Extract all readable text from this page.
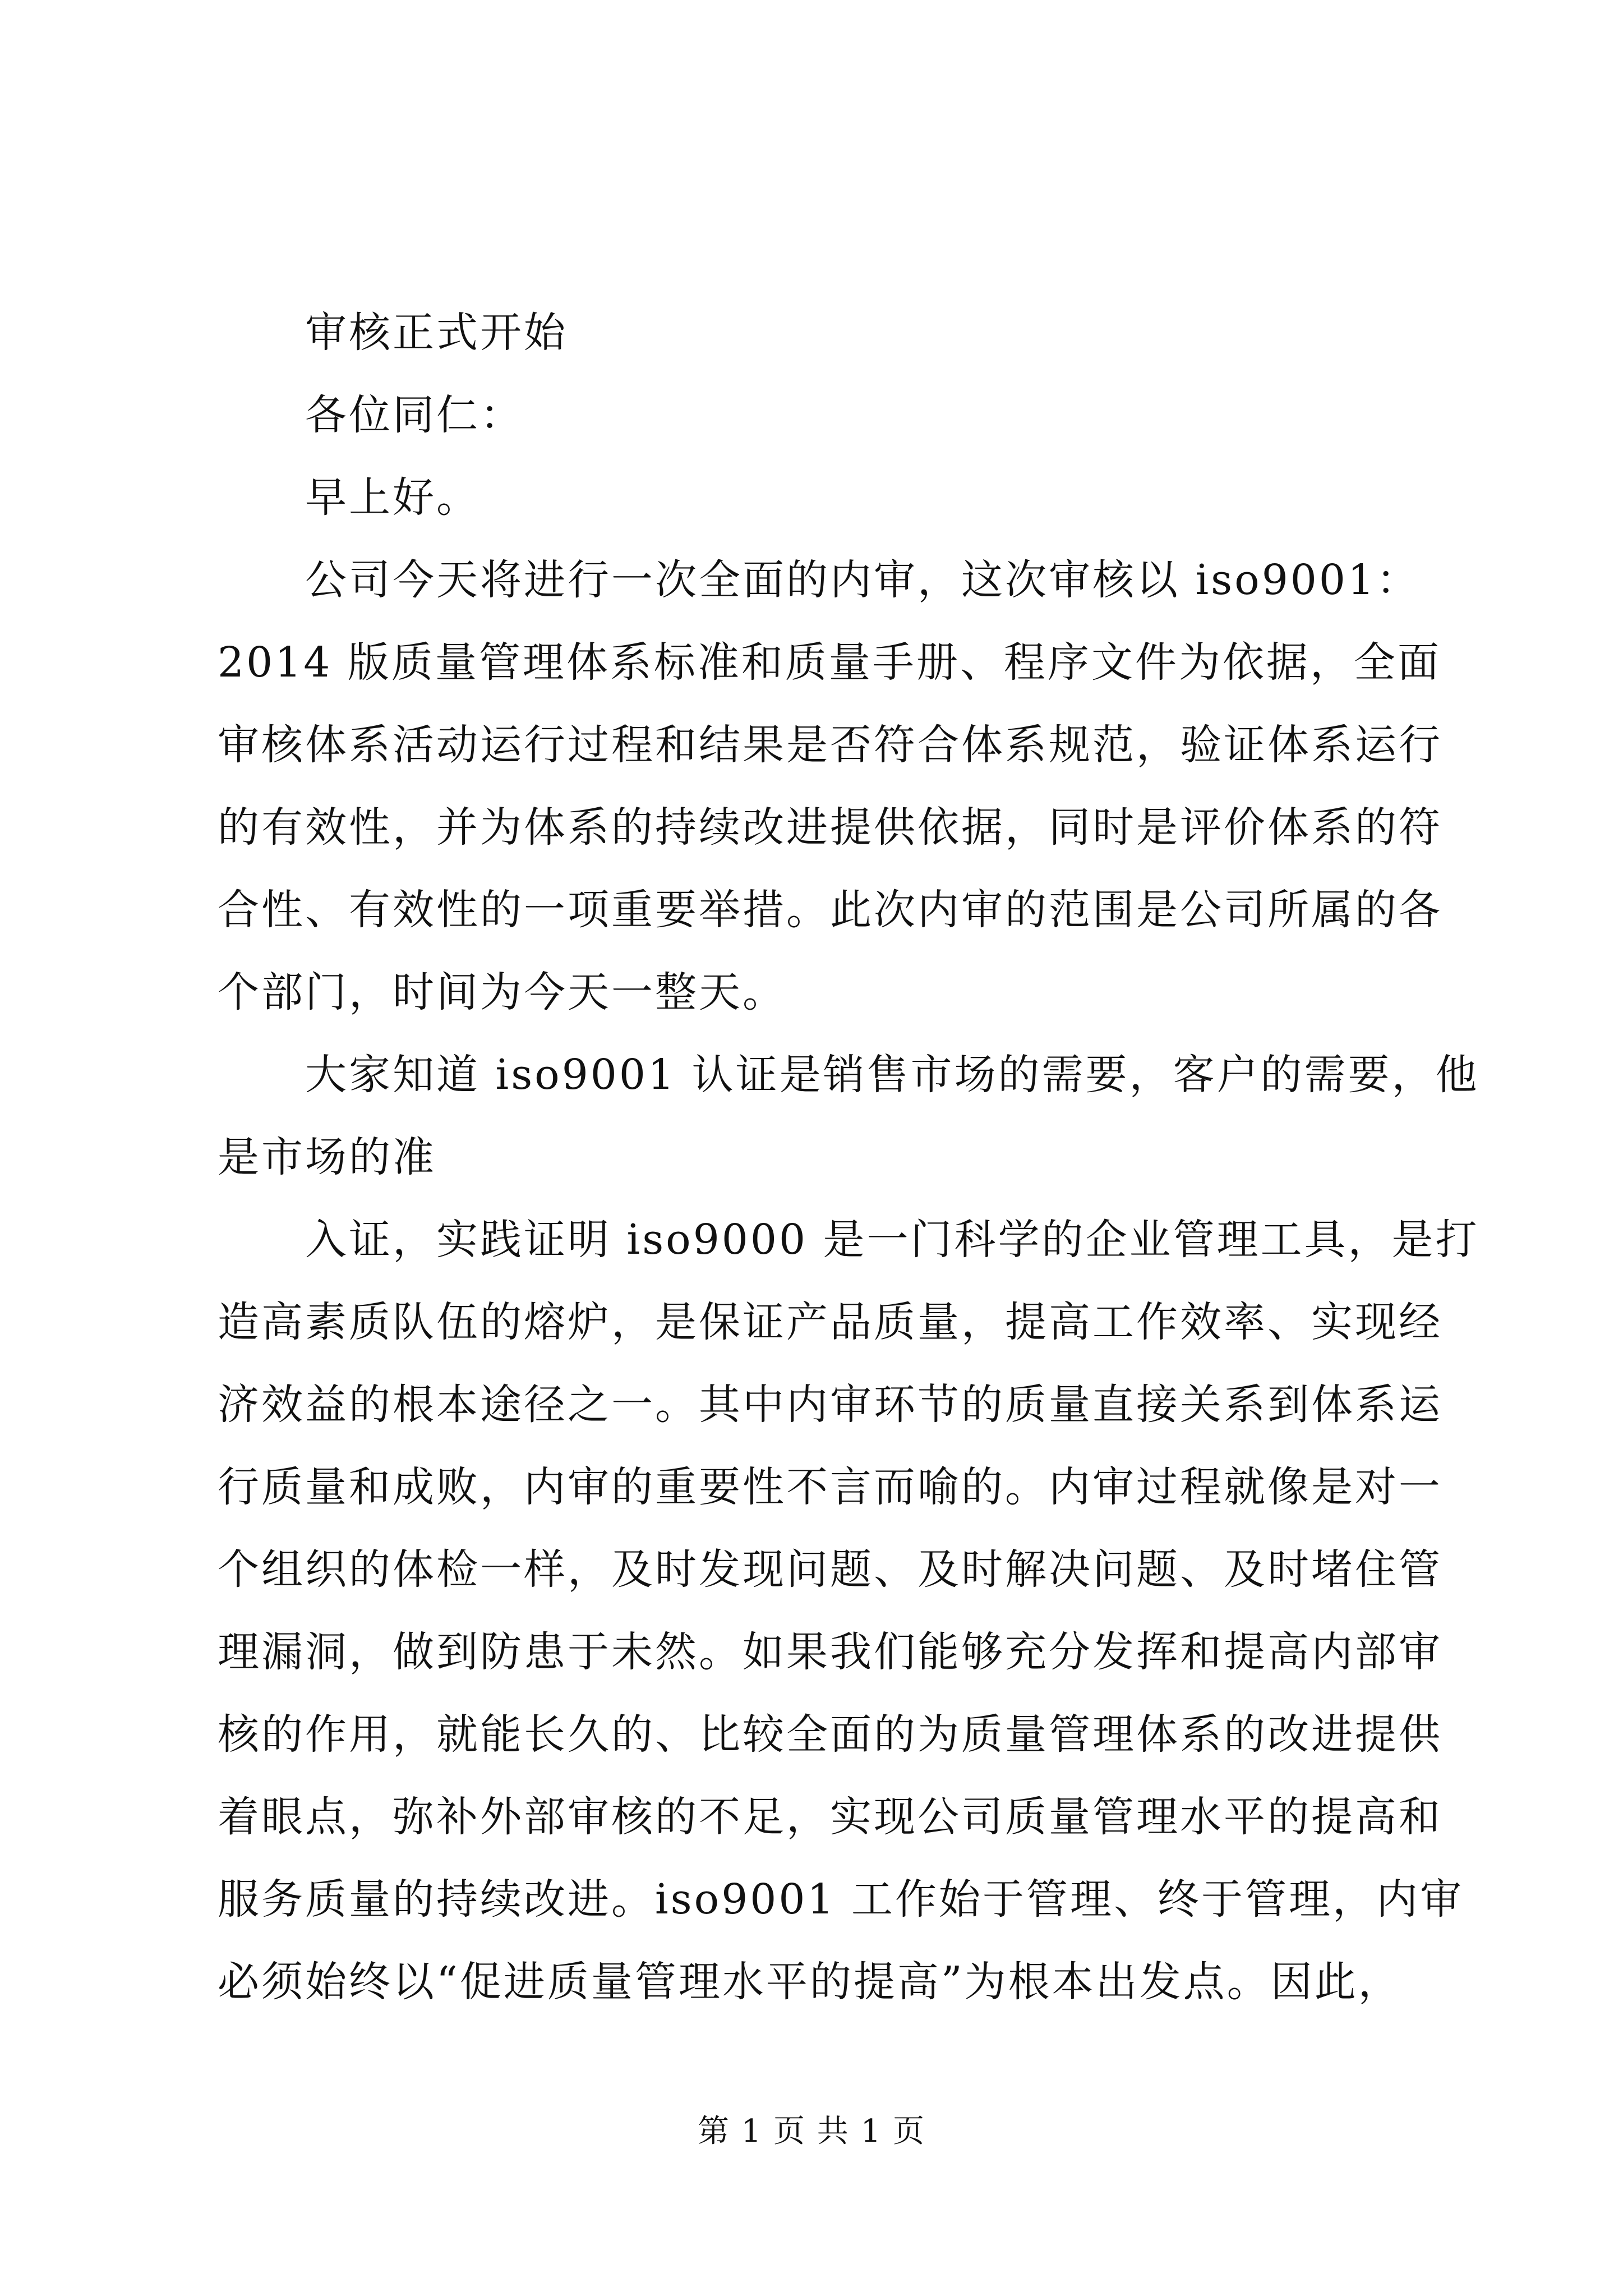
　　审核正式开始

　　各位同仁：

　　早上好。

　　公司今天将进行一次全面的内审，这次审核以 iso9001：

2014 版质量管理体系标准和质量手册、程序文件为依据，全面

审核体系活动运行过程和结果是否符合体系规范，验证体系运行

的有效性，并为体系的持续改进提供依据，同时是评价体系的符

合性、有效性的一项重要举措。此次内审的范围是公司所属的各

个部门，时间为今天一整天。

　　大家知道 iso9001 认证是销售市场的需要，客户的需要，他

是市场的准

　　入证，实践证明 iso9000 是一门科学的企业管理工具，是打

造高素质队伍的熔炉，是保证产品质量，提高工作效率、实现经

济效益的根本途径之一。其中内审环节的质量直接关系到体系运

行质量和成败，内审的重要性不言而喻的。内审过程就像是对一

个组织的体检一样，及时发现问题、及时解决问题、及时堵住管

理漏洞，做到防患于未然。如果我们能够充分发挥和提高内部审

核的作用，就能长久的、比较全面的为质量管理体系的改进提供

着眼点，弥补外部审核的不足，实现公司质量管理水平的提高和

服务质量的持续改进。iso9001 工作始于管理、终于管理，内审

必须始终以“促进质量管理水平的提高”为根本出发点。因此，

第 1 页 共 1 页
